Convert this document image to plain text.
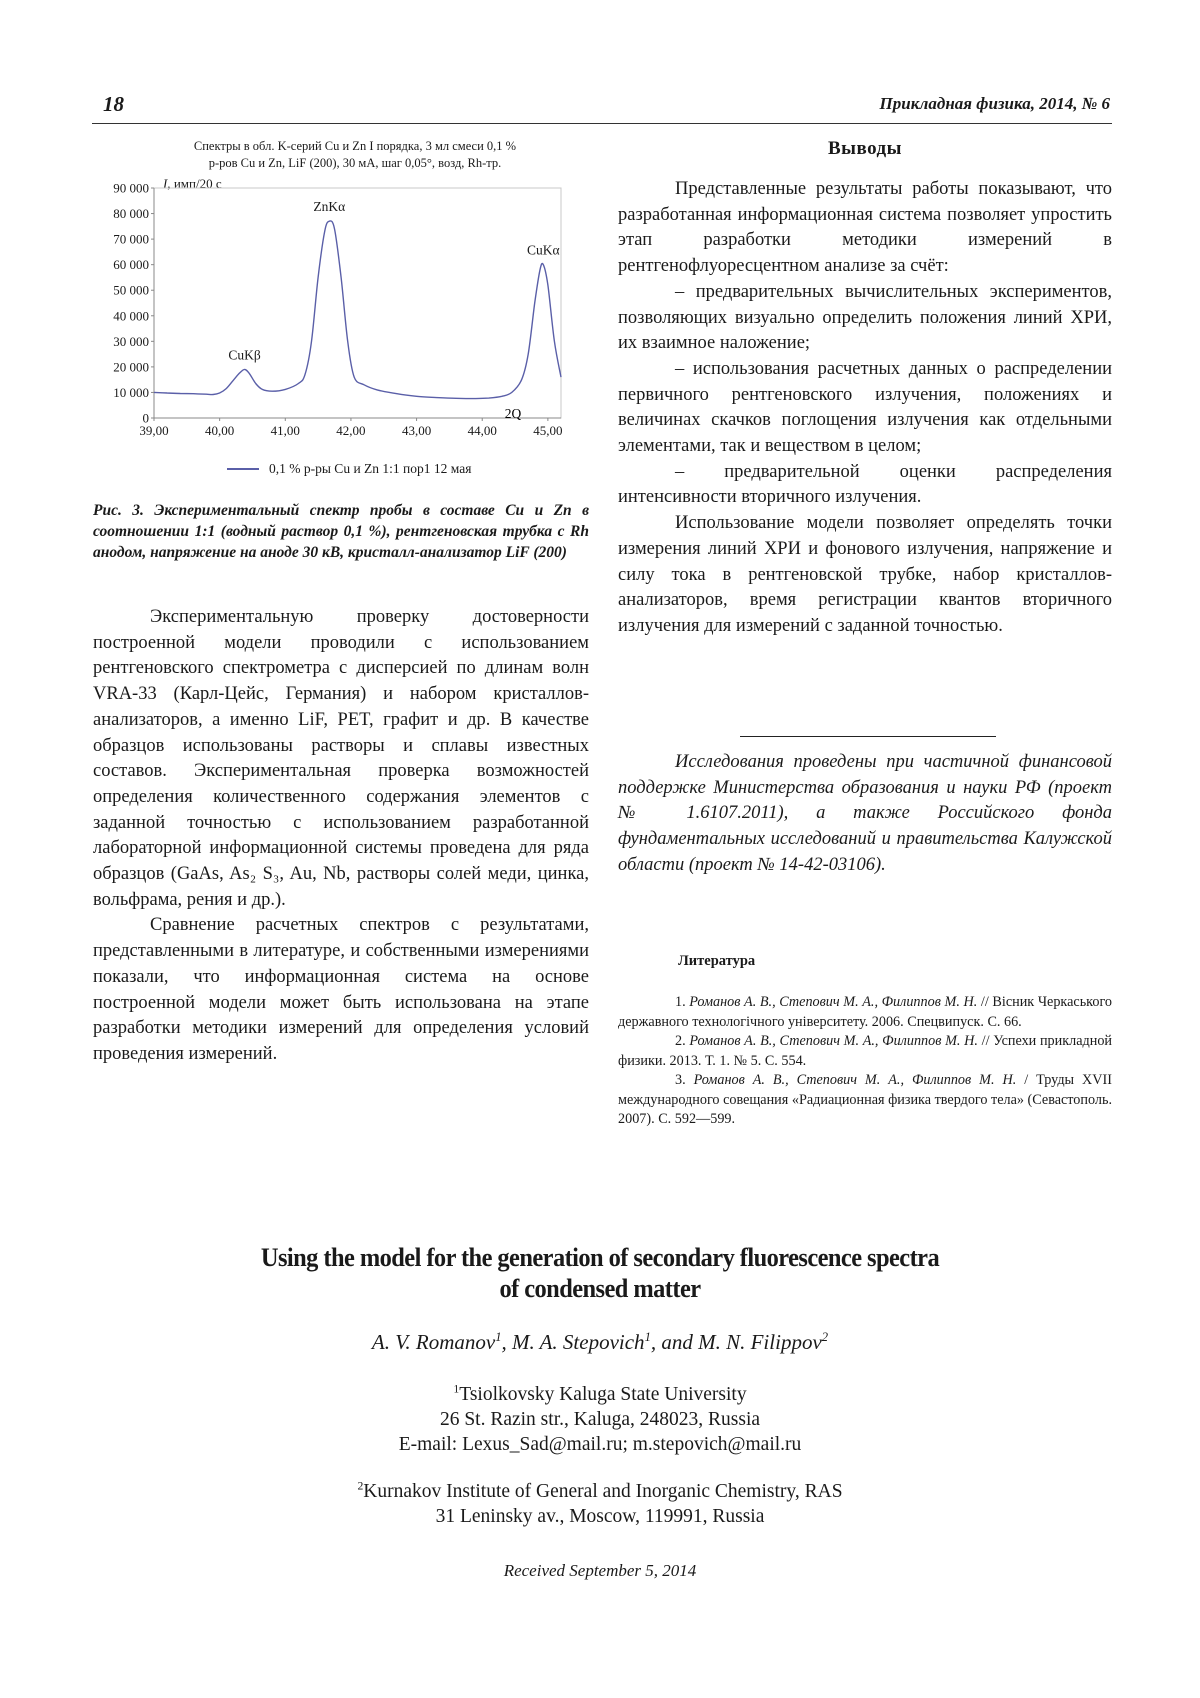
18	Прикладная физика, 2014, № 6
Спектры в обл. K-серий Cu и Zn I порядка, 3 мл смеси 0,1 %
р-ров Cu и Zn, LiF (200), 30 мА, шаг 0,05°, возд, Rh-тр.
I, имп/20 с
0
10 000
20 000
30 000
40 000
50 000
60 000
70 000
80 000
90 000
39,00	40,00	41,00	42,00	43,00	44,00	45,00
CuKβ
ZnKα
CuKα
2Q
0,1 % р-ры Cu и Zn 1:1 пор1 12 мая
Рис. 3. Экспериментальный спектр пробы в составе Cu и Zn в соотношении 1:1 (водный раствор 0,1 %), рентгеновская трубка с Rh анодом, напряжение на аноде 30 кВ, кристалл-анализатор LiF (200)

Экспериментальную проверку достоверности построенной модели проводили с использованием рентгеновского спектрометра с дисперсией по длинам волн VRA-33 (Карл-Цейс, Германия) и набором кристаллов-анализаторов, а именно LiF, PET, графит и др. В качестве образцов использованы растворы и сплавы известных составов. Экспериментальная проверка возможностей определения количественного содержания элементов с заданной точностью с использованием разработанной лабораторной информационной системы проведена для ряда образцов (GaAs, As₂ S₃, Au, Nb, растворы солей меди, цинка, вольфрама, рения и др.).

Сравнение расчетных спектров с результатами, представленными в литературе, и собственными измерениями показали, что информационная система на основе построенной модели может быть использована на этапе разработки методики измерений для определения условий проведения измерений.

Выводы

Представленные результаты работы показывают, что разработанная информационная система позволяет упростить этап разработки методики измерений в рентгенофлуоресцентном анализе за счёт:

– предварительных вычислительных экспериментов, позволяющих визуально определить положения линий ХРИ, их взаимное наложение;

– использования расчетных данных о распределении первичного рентгеновского излучения, положениях и величинах скачков поглощения излучения как отдельными элементами, так и веществом в целом;

– предварительной оценки распределения интенсивности вторичного излучения.

Использование модели позволяет определять точки измерения линий ХРИ и фонового излучения, напряжение и силу тока в рентгеновской трубке, набор кристаллов-анализаторов, время регистрации квантов вторичного излучения для измерений с заданной точностью.

Исследования проведены при частичной финансовой поддержке Министерства образования и науки РФ (проект № 1.6107.2011), а также Российского фонда фундаментальных исследований и правительства Калужской области (проект № 14-42-03106).

Литература

1. Романов А. В., Степович М. А., Филиппов М. Н. // Вісник Черкаського державного технологічного університету. 2006. Спецвипуск. С. 66.

2. Романов А. В., Степович М. А., Филиппов М. Н. // Успехи прикладной физики. 2013. Т. 1. № 5. С. 554.

3. Романов А. В., Степович М. А., Филиппов М. Н. / Труды XVII международного совещания «Радиационная физика твердого тела» (Севастополь. 2007). С. 592—599.

Using the model for the generation of secondary fluorescence spectra
of condensed matter
A. V. Romanov$^1$, M. A. Stepovich$^1$, and M. N. Filippov$^2$
$^1$Tsiolkovsky Kaluga State University
26 St. Razin str., Kaluga, 248023, Russia
E-mail: Lexus_Sad@mail.ru; m.stepovich@mail.ru
$^2$Kurnakov Institute of General and Inorganic Chemistry, RAS
31 Leninsky av., Moscow, 119991, Russia
Received September 5, 2014
